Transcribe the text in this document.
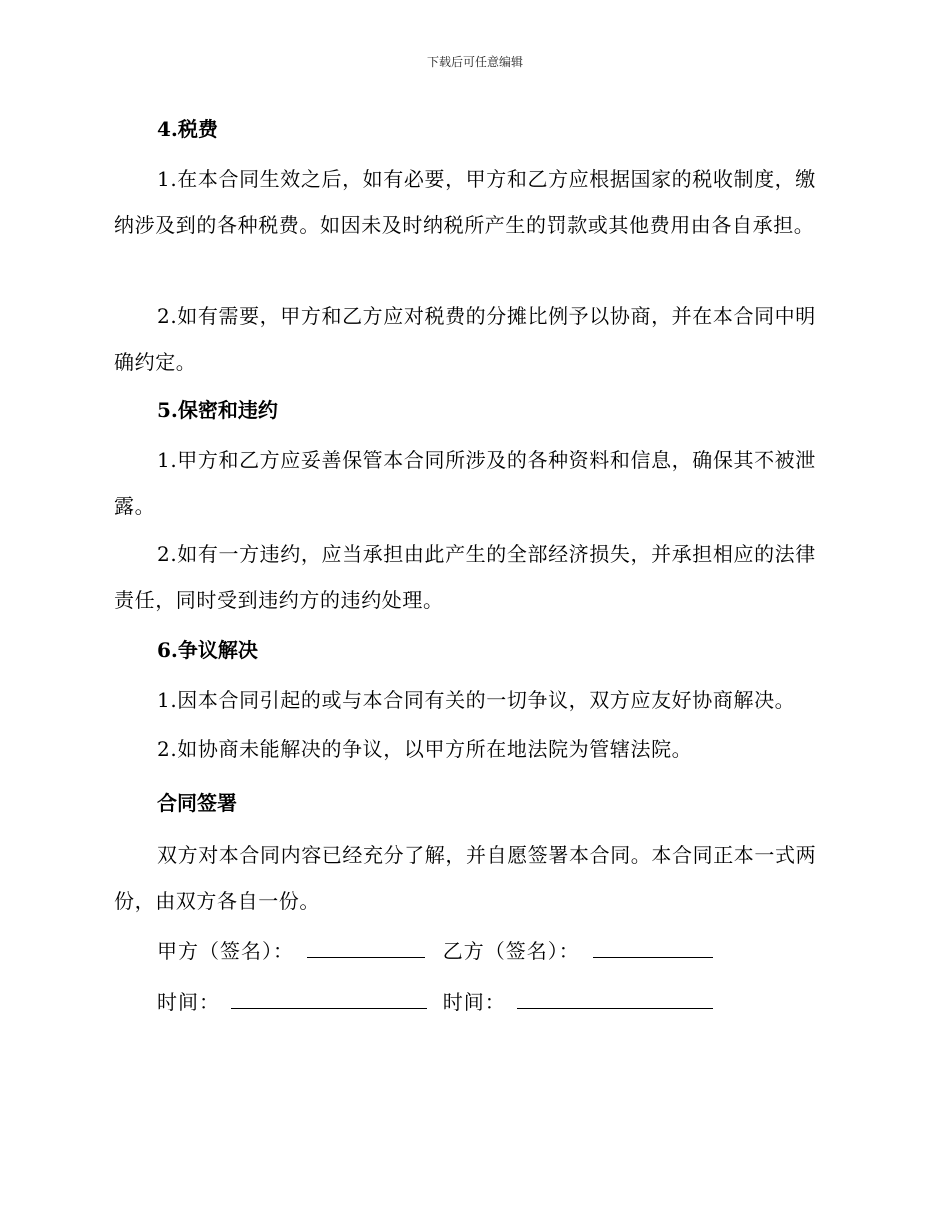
下载后可任意编辑
4.税费

1.在本合同生效之后，如有必要，甲方和乙方应根据国家的税收制度，缴纳涉及到的各种税费。如因未及时纳税所产生的罚款或其他费用由各自承担。

2.如有需要，甲方和乙方应对税费的分摊比例予以协商，并在本合同中明确约定。

5.保密和违约

1.甲方和乙方应妥善保管本合同所涉及的各种资料和信息，确保其不被泄露。

2.如有一方违约，应当承担由此产生的全部经济损失，并承担相应的法律责任，同时受到违约方的违约处理。

6.争议解决

1.因本合同引起的或与本合同有关的一切争议，双方应友好协商解决。

2.如协商未能解决的争议，以甲方所在地法院为管辖法院。

合同签署

双方对本合同内容已经充分了解，并自愿签署本合同。本合同正本一式两份，由双方各自一份。

甲方（签名）：	乙方（签名）：
时间：	时间：
